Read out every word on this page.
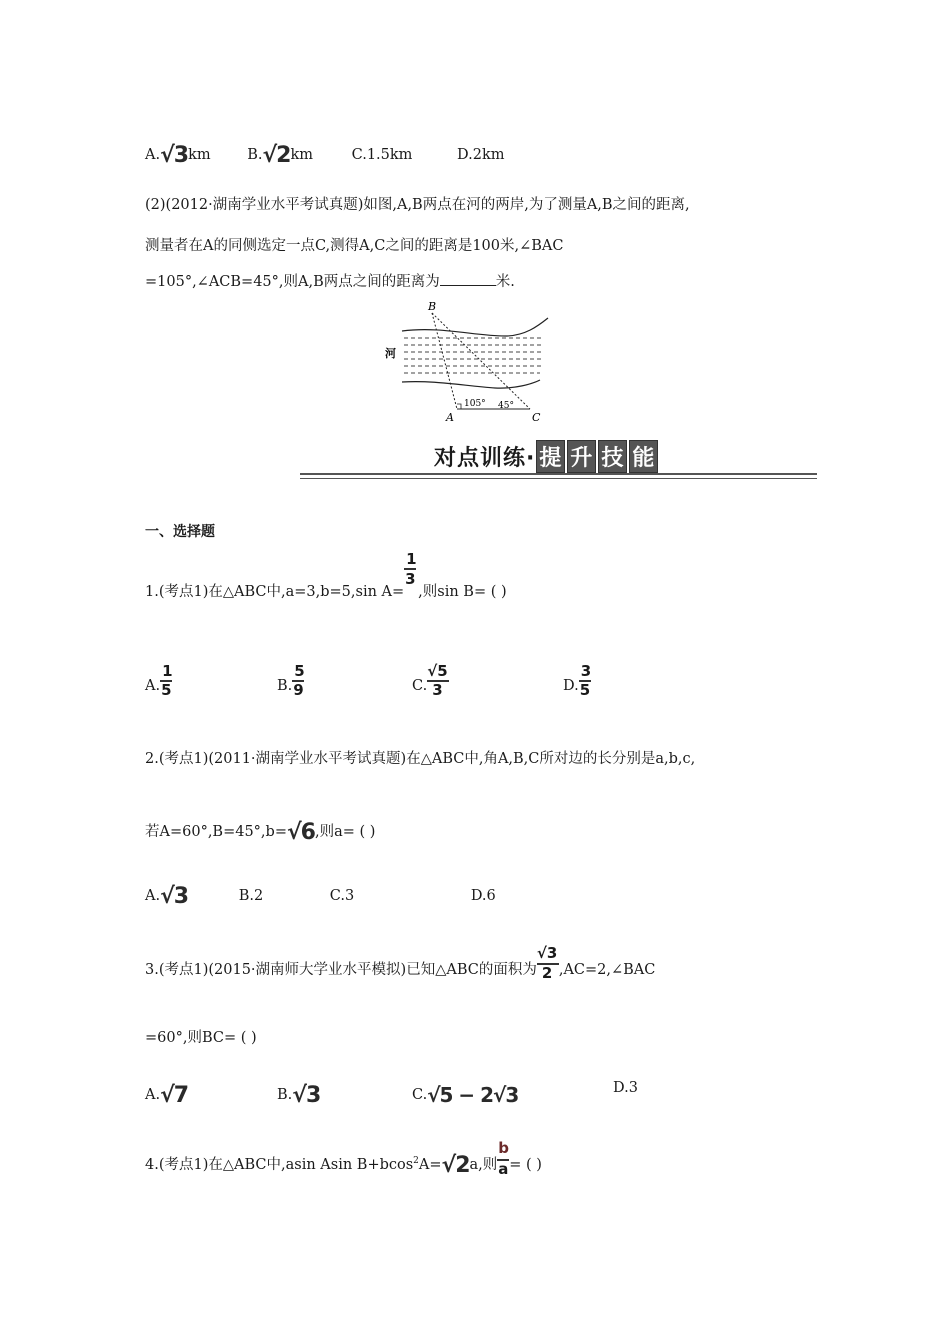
A.√3km	B.√2km	C.1.5km	D.2km
(2)(2012·湖南学业水平考试真题)如图,A,B两点在河的两岸,为了测量A,B之间的距离,
测量者在A的同侧选定一点C,测得A,C之间的距离是100米,∠BAC
=105°,∠ACB=45°,则A,B两点之间的距离为	米.
B
A	C
河
105° 45°
对点训练· 提 升 技 能
一、选择题
1.(考点1)在△ABC中,a=3,b=5,sin $A= \frac{1}{3}$ ,则sin B= ( )
A.
$\frac{1}{5}$
B.
$\frac{5}{9}$
C.
$\frac{√5}{3}$
D.
$\frac{3}{5}$
2.(考点1)(2011·湖南学业水平考试真题)在△ABC中,角A,B,C所对边的长分别是a,b,c,
若A=60°,B=45°,b=√6,则a= ( )
A.√3	B.2	C.3	D.6
3.(考点1)(2015·湖南师大学业水平模拟)已知△ABC的面积为
$\frac{√3}{2}$
,AC=2,∠BAC
=60°,则BC= ( )
A.√7	B.√3	C.√5 − 2√3	D.3
4.(考点1)在△ABC中,asin Asin B+bcos$^2$A=√2a,则
$\frac{b}{a}$
= ( )
